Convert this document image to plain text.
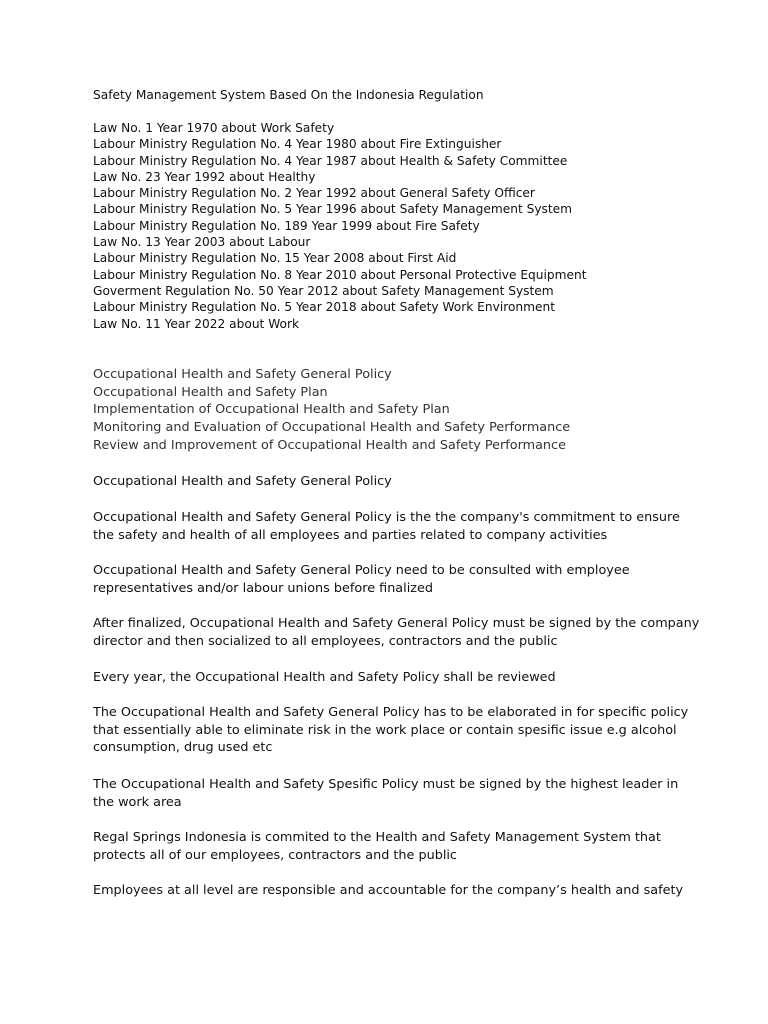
Safety Management System Based On the Indonesia Regulation
Law No. 1 Year 1970 about Work Safety
Labour Ministry Regulation No. 4 Year 1980 about Fire Extinguisher
Labour Ministry Regulation No. 4 Year 1987 about Health & Safety Committee
Law No. 23 Year 1992 about Healthy
Labour Ministry Regulation No. 2 Year 1992 about General Safety Officer
Labour Ministry Regulation No. 5 Year 1996 about Safety Management System
Labour Ministry Regulation No. 189 Year 1999 about Fire Safety
Law No. 13 Year 2003 about Labour
Labour Ministry Regulation No. 15 Year 2008 about First Aid
Labour Ministry Regulation No. 8 Year 2010 about Personal Protective Equipment
Goverment Regulation No. 50 Year 2012 about Safety Management System
Labour Ministry Regulation No. 5 Year 2018 about Safety Work Environment
Law No. 11 Year 2022 about Work
Occupational Health and Safety General Policy
Occupational Health and Safety Plan
Implementation of Occupational Health and Safety Plan
Monitoring and Evaluation of Occupational Health and Safety Performance
Review and Improvement of Occupational Health and Safety Performance
Occupational Health and Safety General Policy
Occupational Health and Safety General Policy is the the company's commitment to ensure the safety and health of all employees and parties related to company activities
Occupational Health and Safety General Policy need to be consulted with employee representatives and/or labour unions before finalized
After finalized, Occupational Health and Safety General Policy must be signed by the company director and then socialized to all employees, contractors and the public
Every year, the Occupational Health and Safety Policy shall be reviewed
The Occupational Health and Safety General Policy has to be elaborated in for specific policy that essentially able to eliminate risk in the work place or contain spesific issue e.g alcohol consumption, drug used etc
The Occupational Health and Safety Spesific Policy must be signed by the highest leader in the work area
Regal Springs Indonesia is commited to the Health and Safety Management System that protects all of our employees, contractors and the public
Employees at all level are responsible and accountable for the company’s health and safety
